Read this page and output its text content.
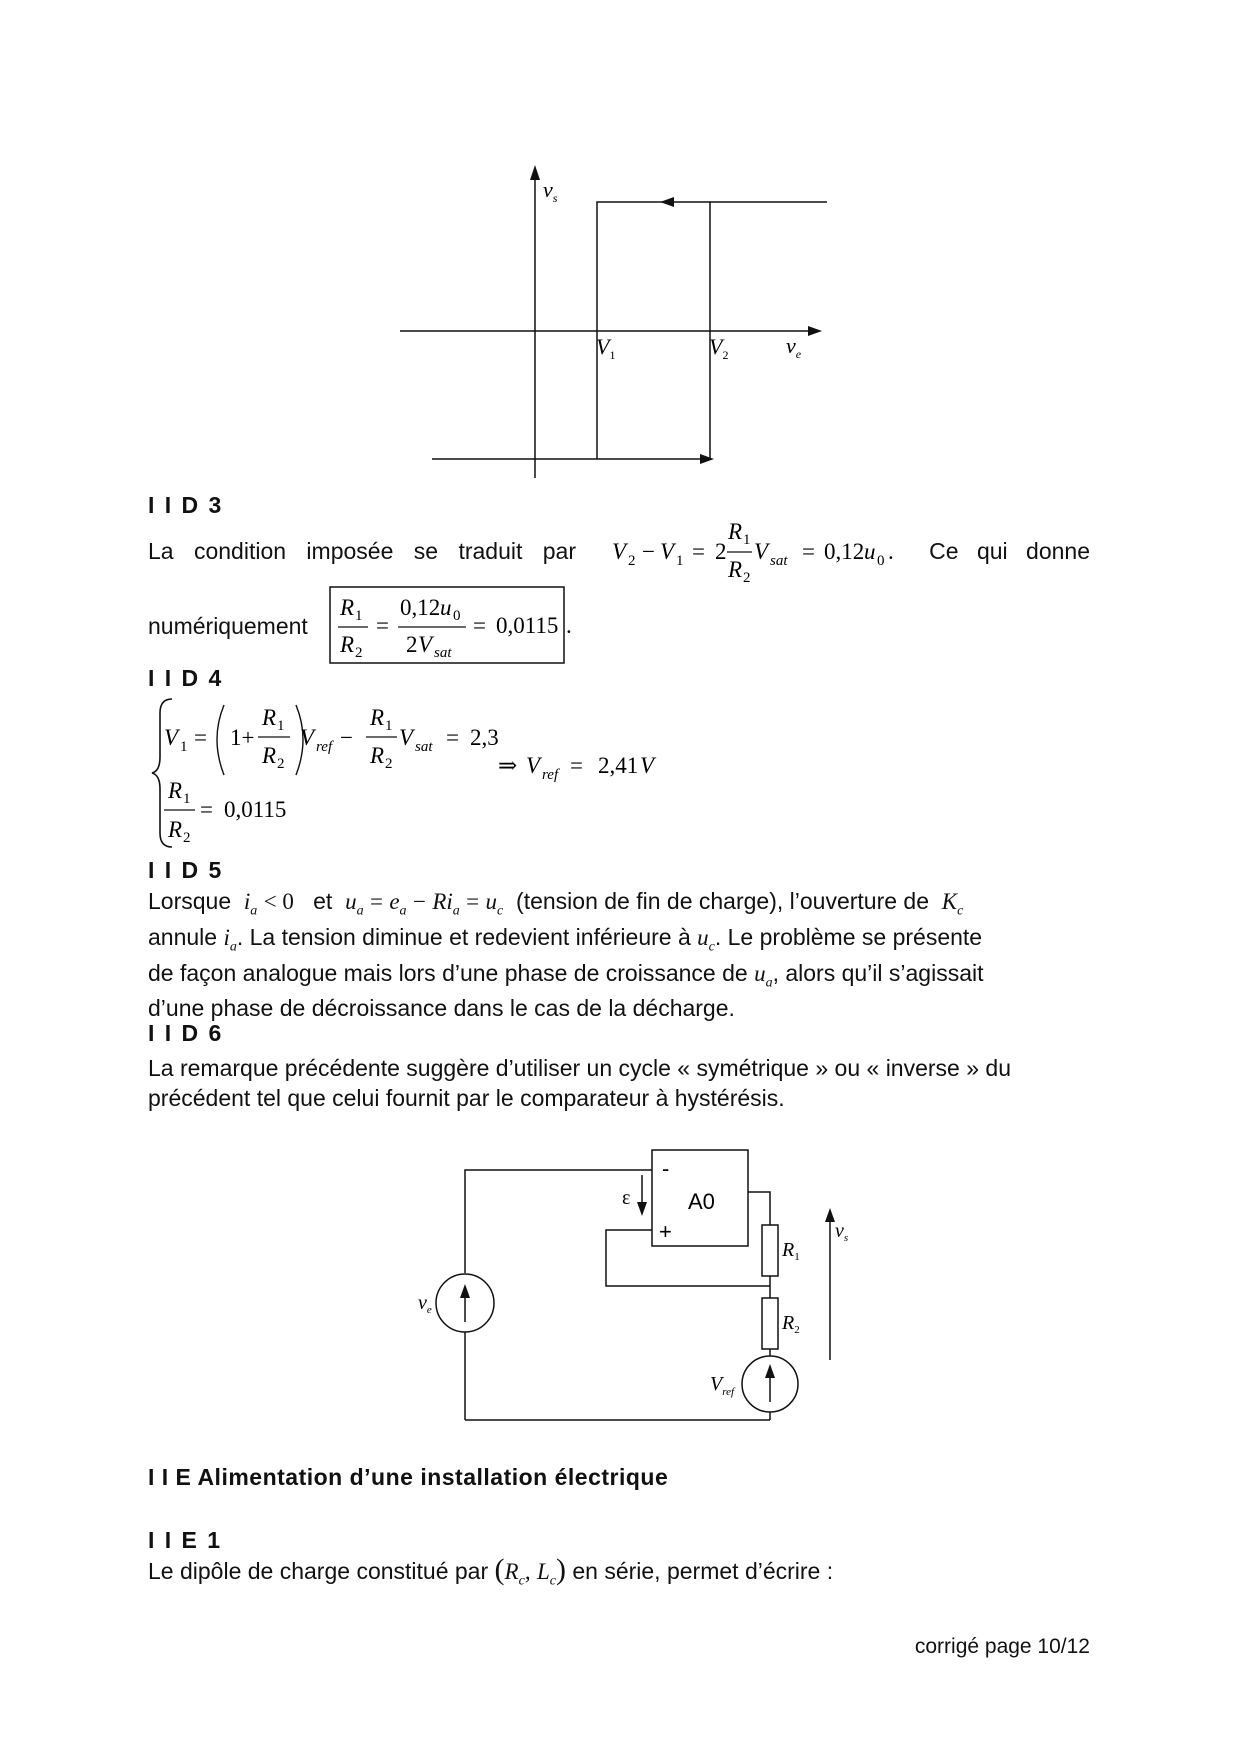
$v_s$
$v_e$
$V_1$	$V_2$
I I D 3
La condition imposée se traduit par	V 2 − V 1 = 2
R 1
R 2
V sat = 0,12 u 0 . Ce qui donne
numériquement
R 1
R 2
=
0,12 u 0
2 V sat
= 0,0115 .
I I D 4
V 1 = 1+
R 1
R 2
V ref −
R 1
R 2
V sat = 2,3
⇒ V ref = 2,41 V
R 1
R 2
= 0,0115
I I D 5
Lorsque $i_a < 0$ et $u_a = e_a - Ri_a = u_c$ (tension de fin de charge), l’ouverture de $K_c$
annule $i_a$. La tension diminue et redevient inférieure à $u_c$. Le problème se présente
de façon analogue mais lors d’une phase de croissance de $u_a$, alors qu’il s’agissait
d’une phase de décroissance dans le cas de la décharge.
I I D 6
La remarque précédente suggère d’utiliser un cycle « symétrique » ou « inverse » du
précédent tel que celui fournit par le comparateur à hystérésis.
-
+
A0
ε
$R_1$
$R_2$
$v_s$
$v_e$
$V_{ref}$
I I E Alimentation d’une installation électrique
I I E 1
Le dipôle de charge constitué par ($R_c$, $L_c$) en série, permet d’écrire :
corrigé page 10/12
